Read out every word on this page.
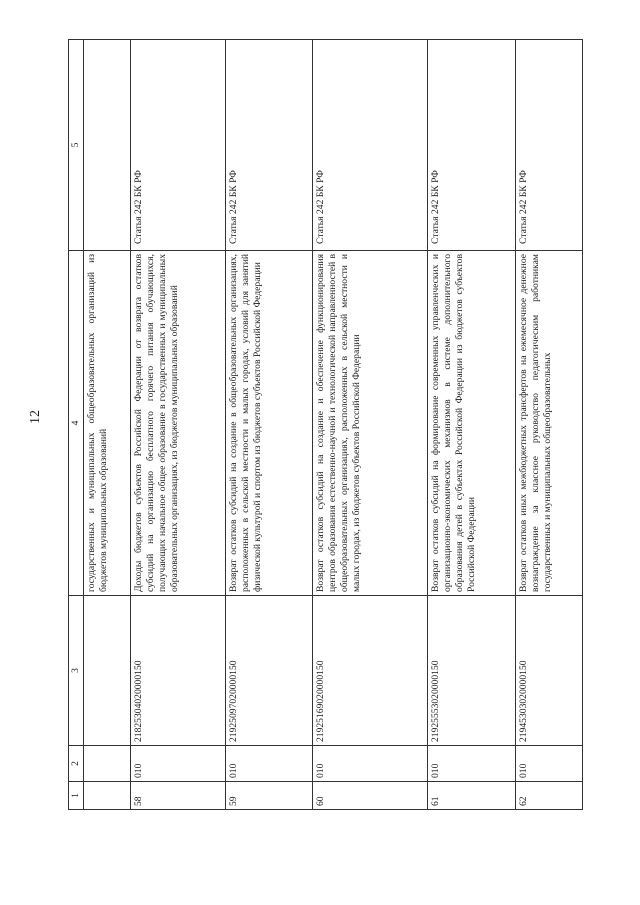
12
1	2	3	4	5
			государственных и муниципальных общеобразовательных организаций из бюджетов муниципальных образований	
58	010	21825304020000150	Доходы бюджетов субъектов Российской Федерации от возврата остатков субсидий на организацию бесплатного горячего питания обучающихся, получающих начальное общее образование в государственных и муниципальных образовательных организациях, из бюджетов муниципальных образований	Статья 242 БК РФ
59	010	21925097020000150	Возврат остатков субсидий на создание в общеобразовательных организациях, расположенных в сельской местности и малых городах, условий для занятий физической культурой и спортом из бюджетов субъектов Российской Федерации	Статья 242 БК РФ
60	010	21925169020000150	Возврат остатков субсидий на создание и обеспечение функционирования центров образования естественно-научной и технологической направленностей в общеобразовательных организациях, расположенных в сельской местности и малых городах, из бюджетов субъектов Российской Федерации	Статья 242 БК РФ
61	010	21925553020000150	Возврат остатков субсидий на формирование современных управленческих и организационно-экономических механизмов в системе дополнительного образования детей в субъектах Российской Федерации из бюджетов субъектов Российской Федерации	Статья 242 БК РФ
62	010	21945303020000150	Возврат остатков иных межбюджетных трансфертов на ежемесячное денежное вознаграждение за классное руководство педагогическим работникам государственных и муниципальных общеобразовательных	Статья 242 БК РФ
